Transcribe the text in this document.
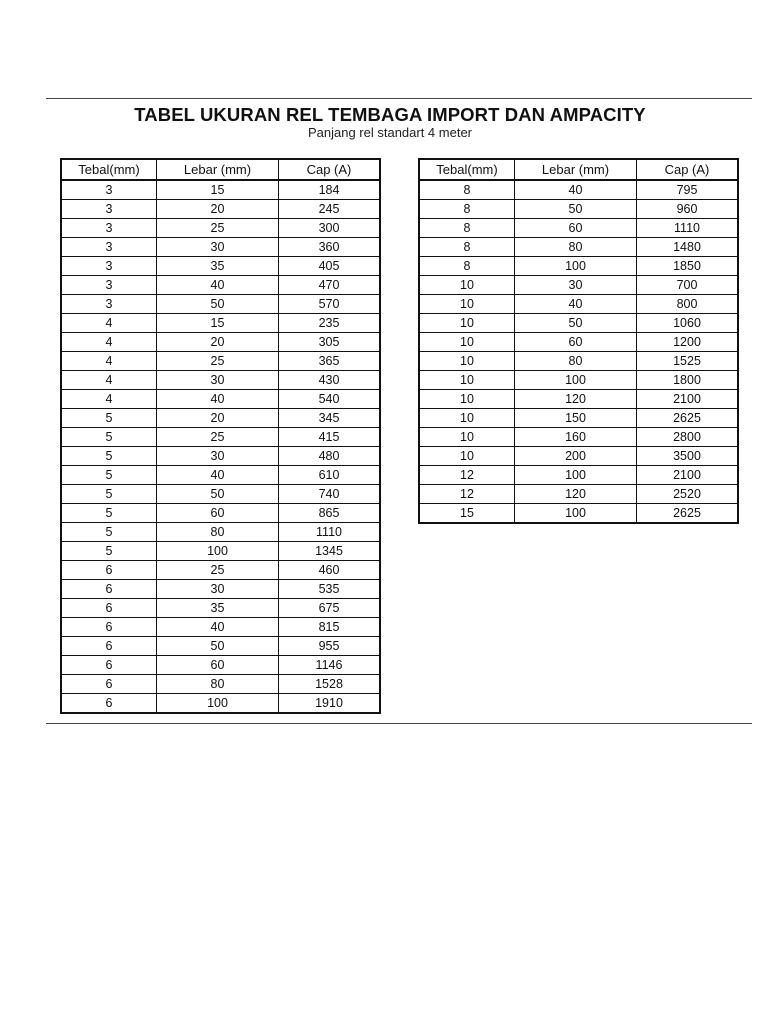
TABEL UKURAN REL TEMBAGA IMPORT DAN AMPACITY
Panjang rel standart 4 meter
Tebal(mm)	Lebar (mm)	Cap (A)
3	15	184
3	20	245
3	25	300
3	30	360
3	35	405
3	40	470
3	50	570
4	15	235
4	20	305
4	25	365
4	30	430
4	40	540
5	20	345
5	25	415
5	30	480
5	40	610
5	50	740
5	60	865
5	80	1110
5	100	1345
6	25	460
6	30	535
6	35	675
6	40	815
6	50	955
6	60	1146
6	80	1528
6	100	1910
Tebal(mm)	Lebar (mm)	Cap (A)
8	40	795
8	50	960
8	60	1110
8	80	1480
8	100	1850
10	30	700
10	40	800
10	50	1060
10	60	1200
10	80	1525
10	100	1800
10	120	2100
10	150	2625
10	160	2800
10	200	3500
12	100	2100
12	120	2520
15	100	2625
